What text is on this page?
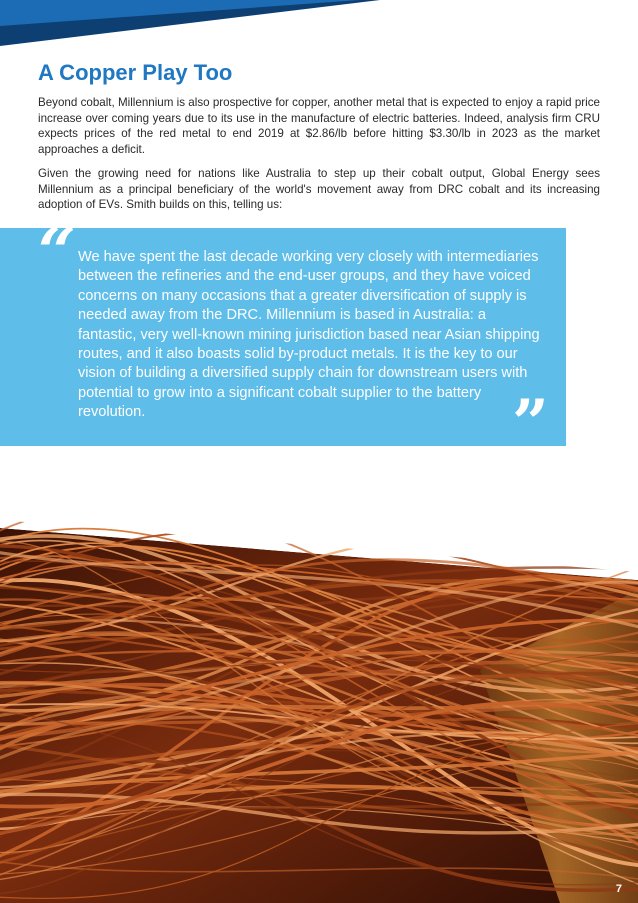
A Copper Play Too

Beyond cobalt, Millennium is also prospective for copper, another metal that is expected to enjoy a rapid price increase over coming years due to its use in the manufacture of electric batteries. Indeed, analysis firm CRU expects prices of the red metal to end 2019 at $2.86/lb before hitting $3.30/lb in 2023 as the market approaches a deficit.

Given the growing need for nations like Australia to step up their cobalt output, Global Energy sees Millennium as a principal beneficiary of the world's movement away from DRC cobalt and its increasing adoption of EVs. Smith builds on this, telling us:

“ We have spent the last decade working very closely with intermediaries between the refineries and the end-user groups, and they have voiced concerns on many occasions that a greater diversification of supply is needed away from the DRC. Millennium is based in Australia: a fantastic, very well-known mining jurisdiction based near Asian shipping routes, and it also boasts solid by-product metals. It is the key to our vision of building a diversified supply chain for downstream users with potential to grow into a significant cobalt supplier to the battery revolution.	”
7
